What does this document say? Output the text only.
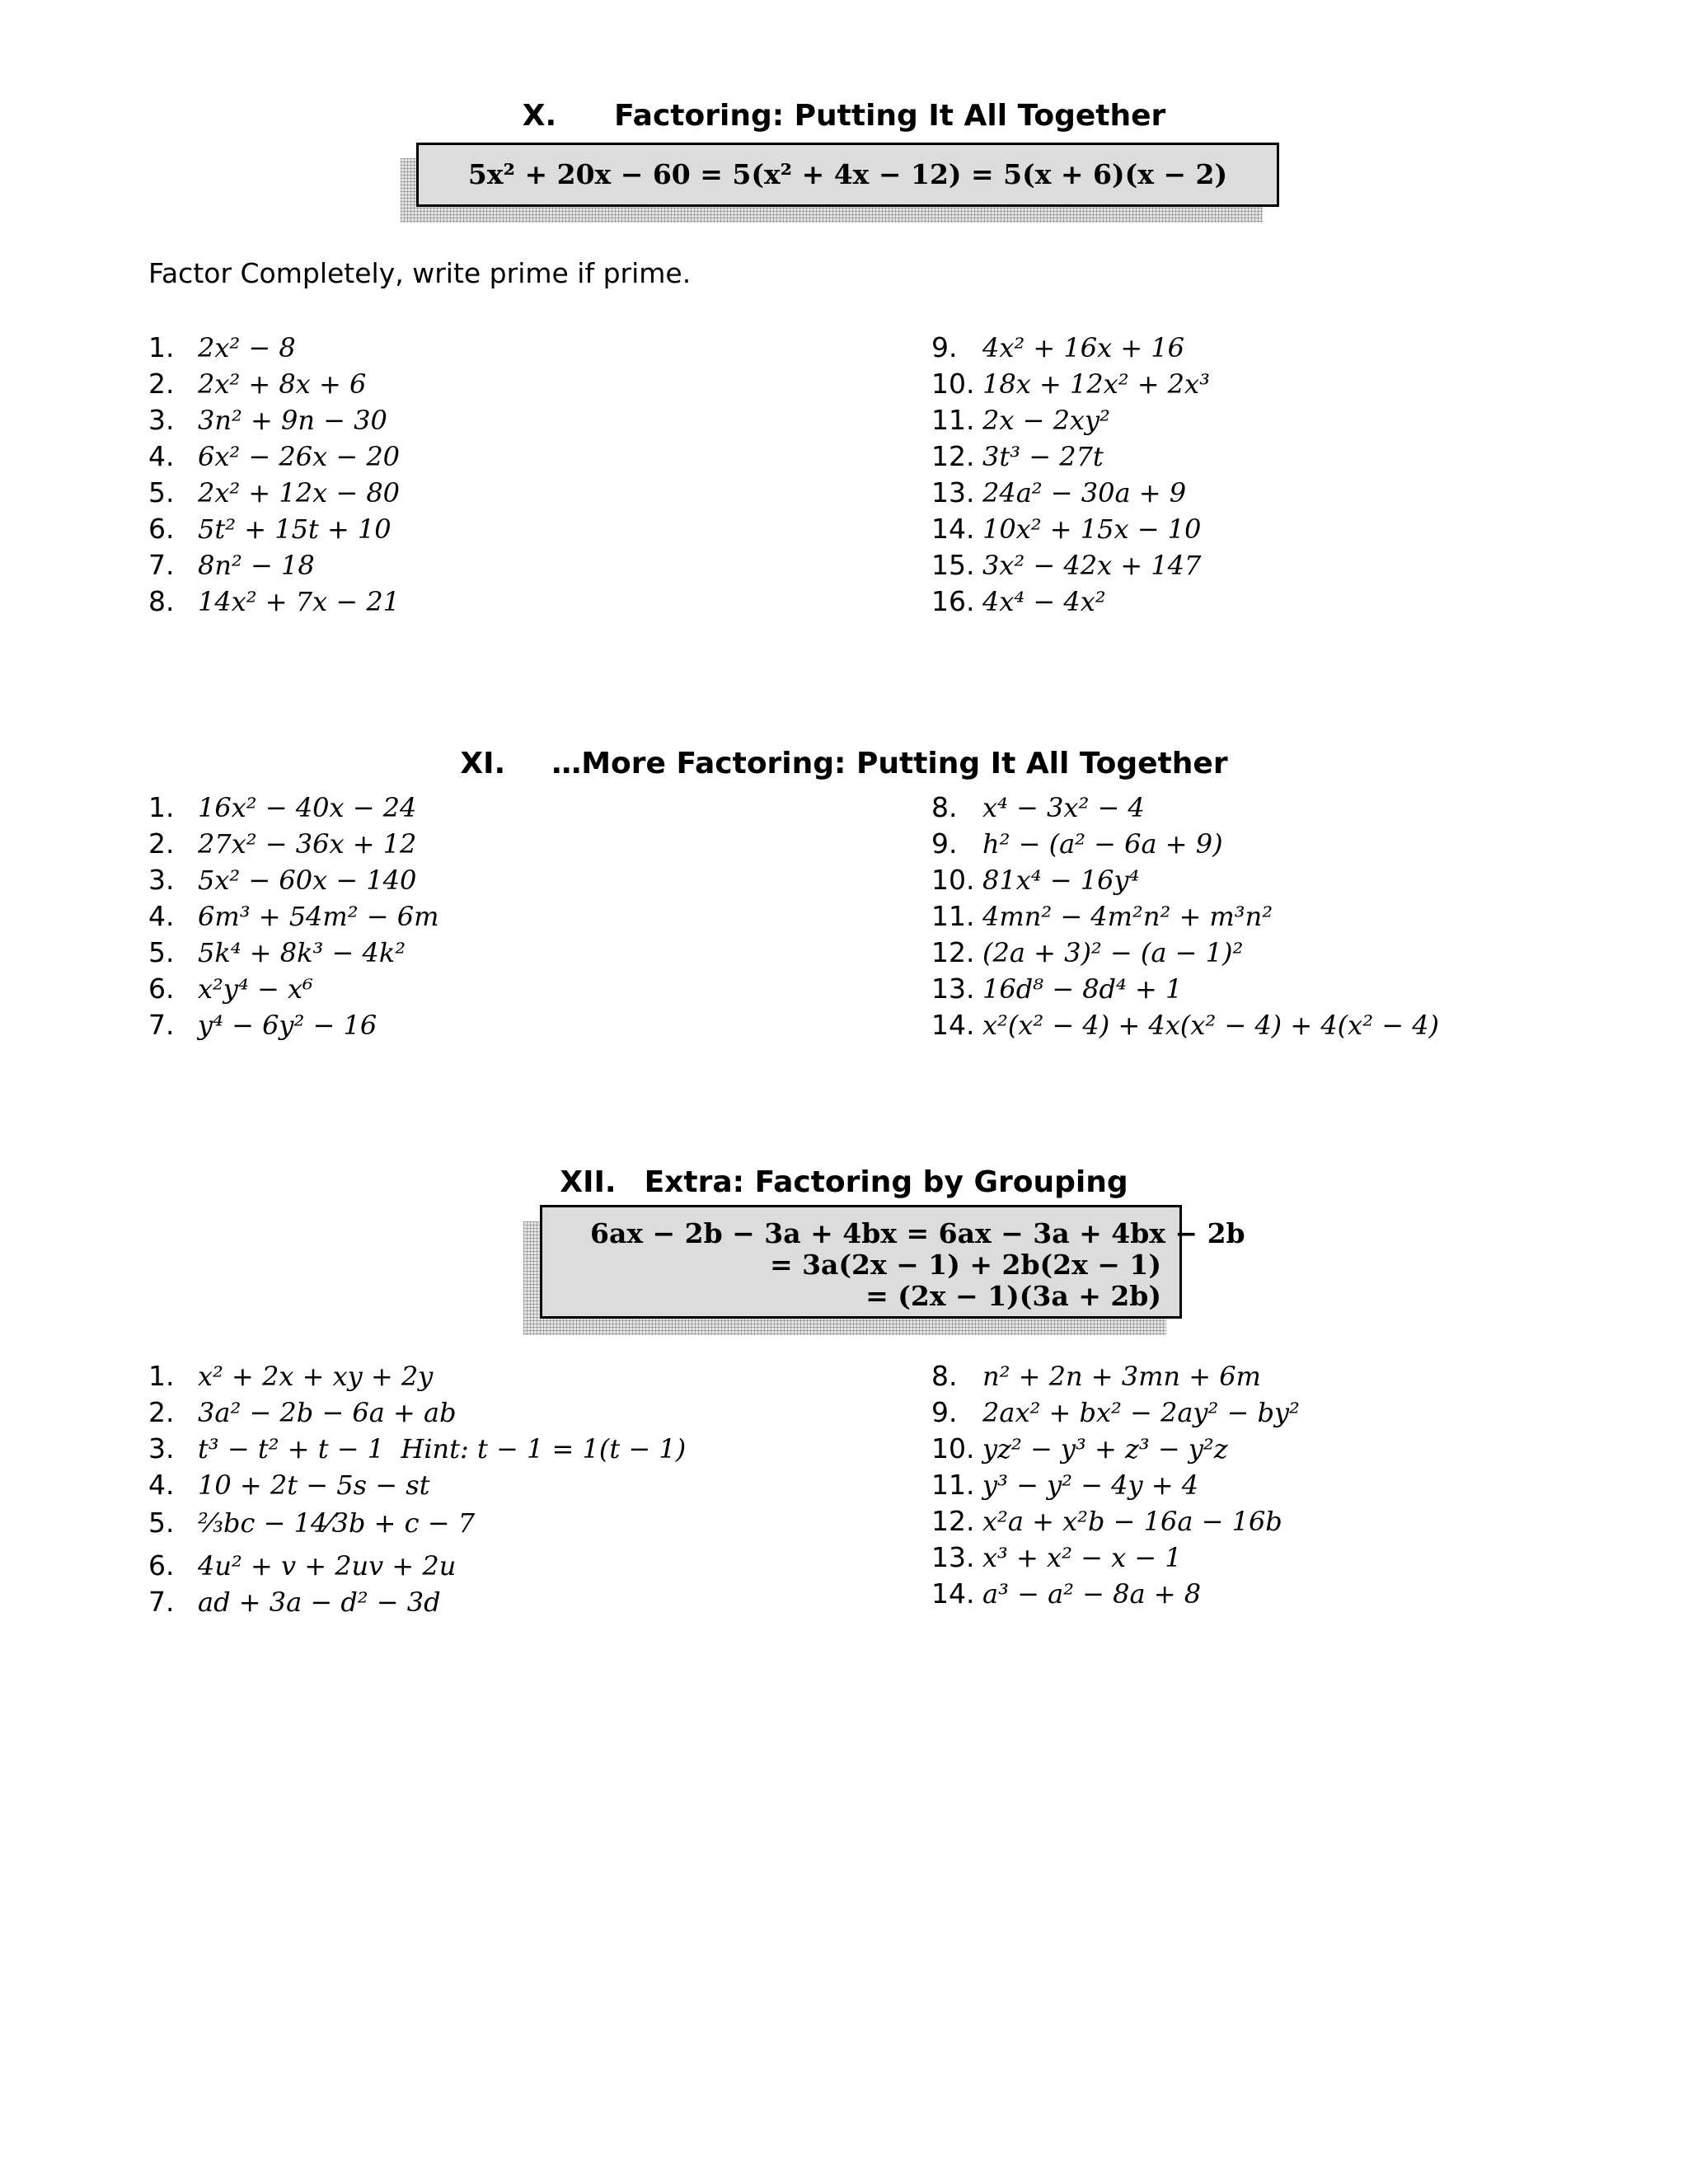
X. Factoring: Putting It All Together
5x² + 20x − 60 = 5(x² + 4x − 12) = 5(x + 6)(x − 2)
Factor Completely, write prime if prime.
1. 2x² − 8
2. 2x² + 8x + 6
3. 3n² + 9n − 30
4. 6x² − 26x − 20
5. 2x² + 12x − 80
6. 5t² + 15t + 10
7. 8n² − 18
8. 14x² + 7x − 21
9. 4x² + 16x + 16
10. 18x + 12x² + 2x³
11. 2x − 2xy²
12. 3t³ − 27t
13. 24a² − 30a + 9
14. 10x² + 15x − 10
15. 3x² − 42x + 147
16. 4x⁴ − 4x²
XI. …More Factoring: Putting It All Together
1. 16x² − 40x − 24
2. 27x² − 36x + 12
3. 5x² − 60x − 140
4. 6m³ + 54m² − 6m
5. 5k⁴ + 8k³ − 4k²
6. x²y⁴ − x⁶
7. y⁴ − 6y² − 16
8. x⁴ − 3x² − 4
9. h² − (a² − 6a + 9)
10. 81x⁴ − 16y⁴
11. 4mn² − 4m²n² + m³n²
12. (2a + 3)² − (a − 1)²
13. 16d⁸ − 8d⁴ + 1
14. x²(x² − 4) + 4x(x² − 4) + 4(x² − 4)
XII. Extra: Factoring by Grouping
6ax − 2b − 3a + 4bx = 6ax − 3a + 4bx − 2b
= 3a(2x − 1) + 2b(2x − 1)
= (2x − 1)(3a + 2b)
1. x² + 2x + xy + 2y
2. 3a² − 2b − 6a + ab
3. t³ − t² + t − 1  Hint: t − 1 = 1(t − 1)
4. 10 + 2t − 5s − st
5. ⅔bc − 14⁄3b + c − 7
6. 4u² + v + 2uv + 2u
7. ad + 3a − d² − 3d
8. n² + 2n + 3mn + 6m
9. 2ax² + bx² − 2ay² − by²
10. yz² − y³ + z³ − y²z
11. y³ − y² − 4y + 4
12. x²a + x²b − 16a − 16b
13. x³ + x² − x − 1
14. a³ − a² − 8a + 8
